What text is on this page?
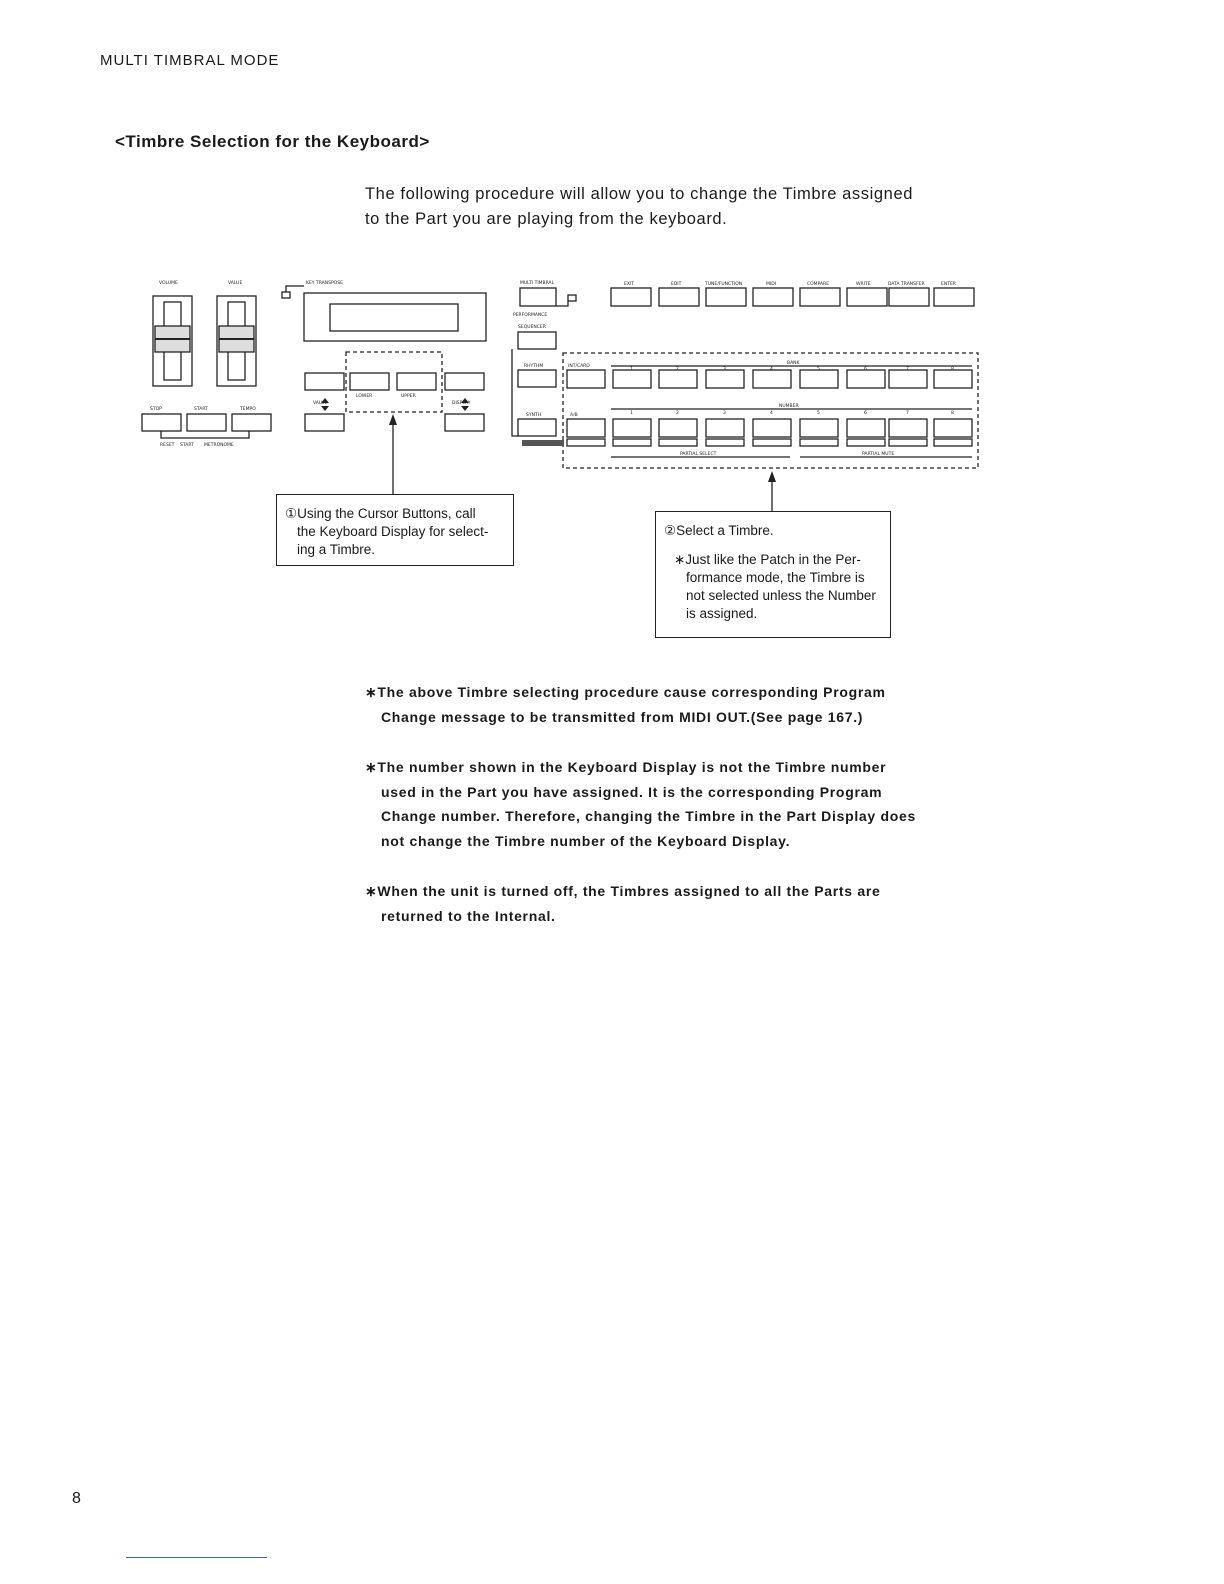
MULTI TIMBRAL MODE
<Timbre Selection for the Keyboard>
The following procedure will allow you to change the Timbre assigned
to the Part you are playing from the keyboard.
VOLUME	VALUE	KEY TRANSPOSE
STOP	START	TEMPO
RESET START METRONOME
LOWER	UPPER
VALUE	DISPLAY
MULTI TIMBRAL
PERFORMANCE
SEQUENCER
RHYTHM
SYNTH
INT/CARD
A/B
BANK
NUMBER
PARTIAL SELECT	PARTIAL MUTE
EXIT	EDIT	TUNE/FUNCTION	MIDI	COMPARE	WRITE	DATA TRANSFER	ENTER
1	2	3	4	5	6	7	8
1	2	3	4	5	6	7	8
①Using the Cursor Buttons, call
the Keyboard Display for select-
ing a Timbre.
②Select a Timbre.
∗Just like the Patch in the Per-
formance mode, the Timbre is
not selected unless the Number
is assigned.
∗The above Timbre selecting procedure cause corresponding Program
Change message to be transmitted from MIDI OUT.(See page 167.)
∗The number shown in the Keyboard Display is not the Timbre number
used in the Part you have assigned. It is the corresponding Program
Change number. Therefore, changing the Timbre in the Part Display does
not change the Timbre number of the Keyboard Display.
∗When the unit is turned off, the Timbres assigned to all the Parts are
returned to the Internal.
8
